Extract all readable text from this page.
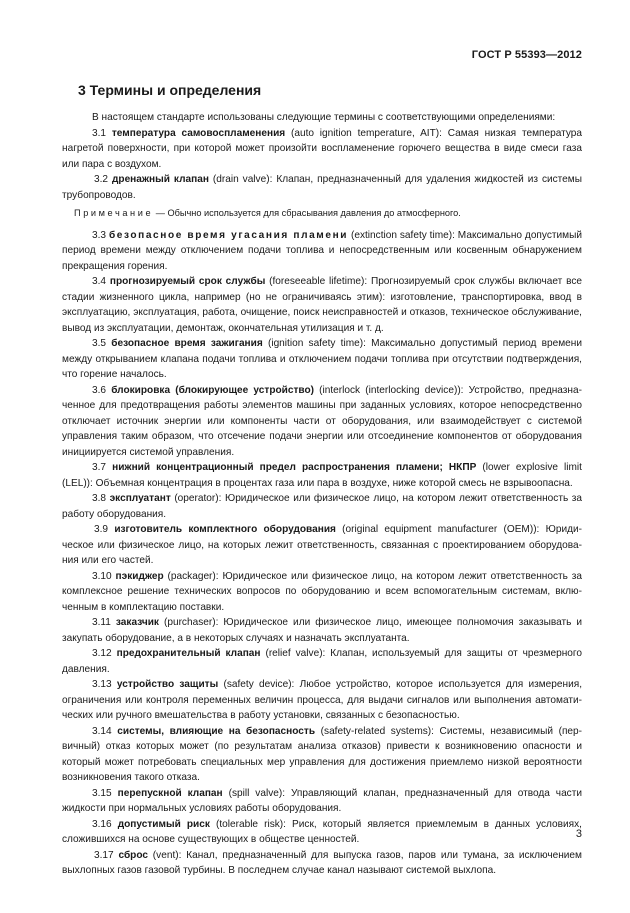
ГОСТ Р 55393—2012
3 Термины и определения

В настоящем стандарте использованы следующие термины с соответствующими определениями:

3.1 температура самовоспламенения (auto ignition temperature, AIT): Самая низкая температура нагретой поверхности, при которой может произойти воспламенение горючего вещества в виде смеси газа или пара с воздухом.

3.2 дренажный клапан (drain valve): Клапан, предназначенный для удаления жидкостей из системы трубопроводов.

Примечание — Обычно используется для сбрасывания давления до атмосферного.

3.3 безопасное время угасания пламени (extinction safety time): Максимально допустимый период времени между отключением подачи топлива и непосредственным или косвенным обнаружением прекращения горения.

3.4 прогнозируемый срок службы (foreseeable lifetime): Прогнозируемый срок службы включает все стадии жизненного цикла, например (но не ограничиваясь этим): изготовление, транспортировка, ввод в эксплуатацию, эксплуатация, работа, очищение, поиск неисправностей и отказов, техническое обслуживание, вывод из эксплуатации, демонтаж, окончательная утилизация и т. д.

3.5 безопасное время зажигания (ignition safety time): Максимально допустимый период времени между открыванием клапана подачи топлива и отключением подачи топлива при отсутствии подтверждения, что горение началось.

3.6 блокировка (блокирующее устройство) (interlock (interlocking device)): Устройство, предназначенное для предотвращения работы элементов машины при заданных условиях, которое непосредственно отключает источник энергии или компоненты части от оборудования, или взаимодействует с системой управления таким образом, что отсечение подачи энергии или отсоединение компонентов от оборудования инициируется системой управления.

3.7 нижний концентрационный предел распространения пламени; НКПР (lower explosive limit (LEL)): Объемная концентрация в процентах газа или пара в воздухе, ниже которой смесь не взрывоопасна.

3.8 эксплуатант (operator): Юридическое или физическое лицо, на котором лежит ответственность за работу оборудования.

3.9 изготовитель комплектного оборудования (original equipment manufacturer (OEM)): Юридическое или физическое лицо, на которых лежит ответственность, связанная с проектированием оборудования или его частей.

3.10 пэкиджер (packager): Юридическое или физическое лицо, на котором лежит ответственность за комплексное решение технических вопросов по оборудованию и всем вспомогательным системам, включенным в комплектацию поставки.

3.11 заказчик (purchaser): Юридическое или физическое лицо, имеющее полномочия заказывать и закупать оборудование, а в некоторых случаях и назначать эксплуатанта.

3.12 предохранительный клапан (relief valve): Клапан, используемый для защиты от чрезмерного давления.

3.13 устройство защиты (safety device): Любое устройство, которое используется для измерения, ограничения или контроля переменных величин процесса, для выдачи сигналов или выполнения автоматических или ручного вмешательства в работу установки, связанных с безопасностью.

3.14 системы, влияющие на безопасность (safety-related systems): Системы, независимый (первичный) отказ которых может (по результатам анализа отказов) привести к возникновению опасности и который может потребовать специальных мер управления для достижения приемлемо низкой вероятности возникновения такого отказа.

3.15 перепускной клапан (spill valve): Управляющий клапан, предназначенный для отвода части жидкости при нормальных условиях работы оборудования.

3.16 допустимый риск (tolerable risk): Риск, который является приемлемым в данных условиях, сложившихся на основе существующих в обществе ценностей.

3.17 сброс (vent): Канал, предназначенный для выпуска газов, паров или тумана, за исключением выхлопных газов газовой турбины. В последнем случае канал называют системой выхлопа.

3
